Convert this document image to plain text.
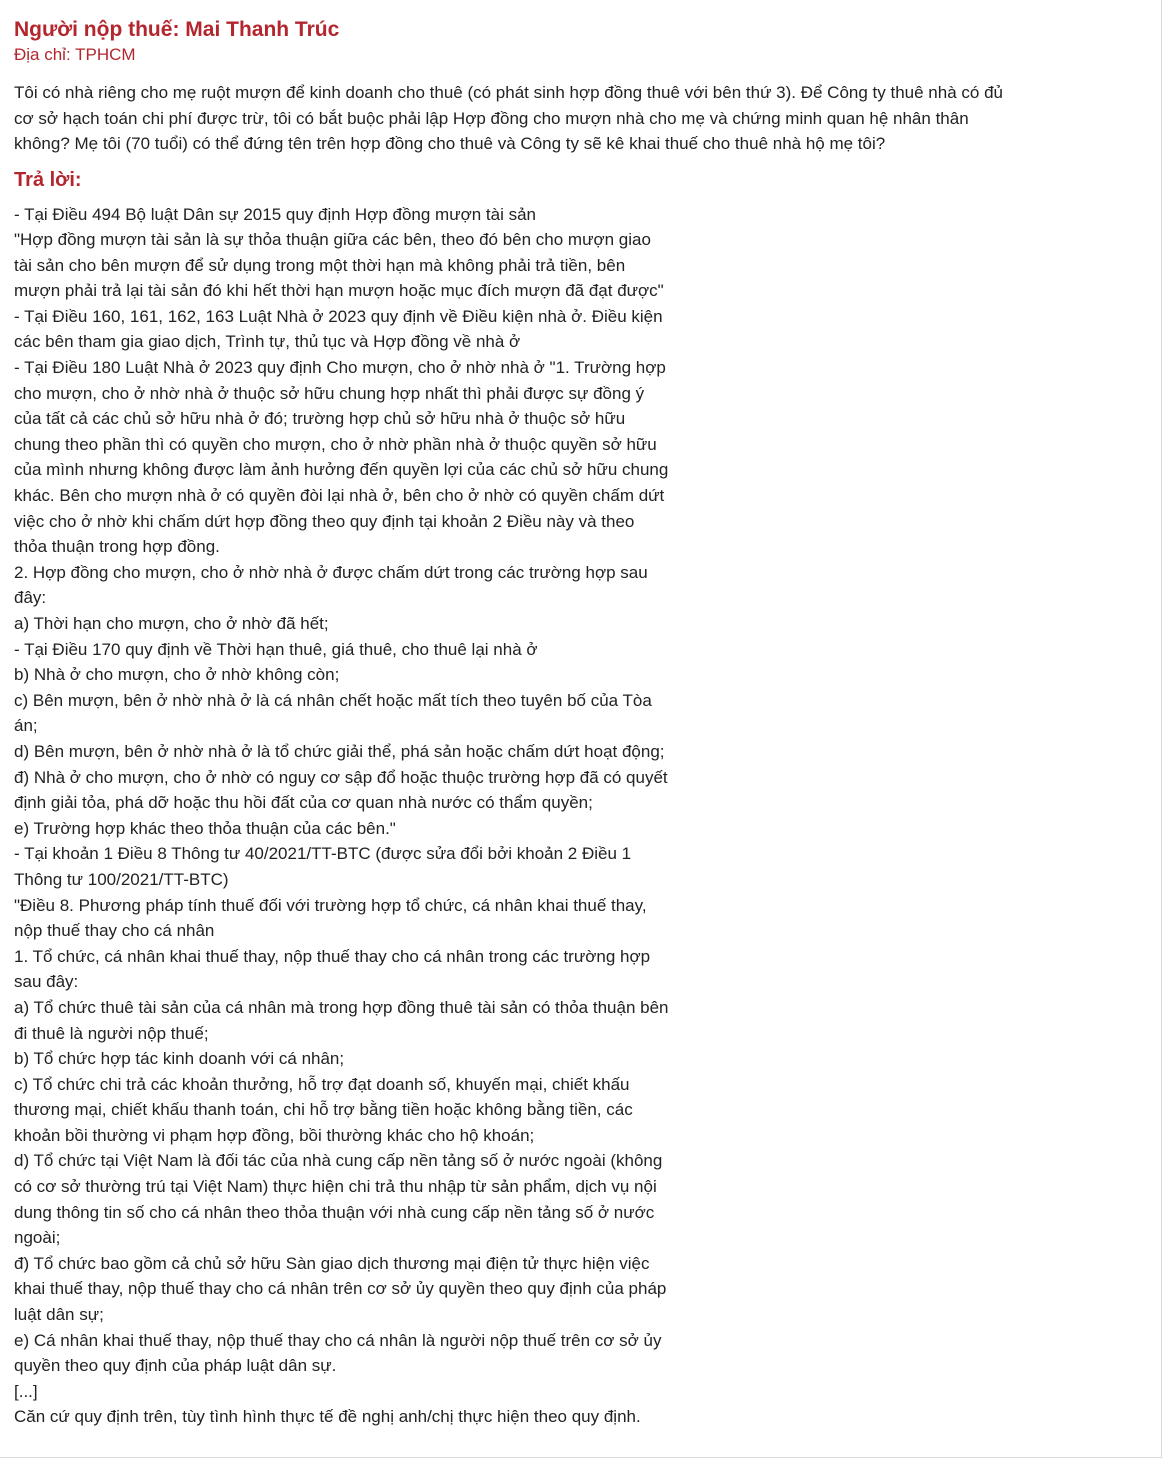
Người nộp thuế: Mai Thanh Trúc

Địa chỉ: TPHCM

Tôi có nhà riêng cho mẹ ruột mượn để kinh doanh cho thuê (có phát sinh hợp đồng thuê với bên thứ 3). Để Công ty thuê nhà có đủ
cơ sở hạch toán chi phí được trừ, tôi có bắt buộc phải lập Hợp đồng cho mượn nhà cho mẹ và chứng minh quan hệ nhân thân
không? Mẹ tôi (70 tuổi) có thể đứng tên trên hợp đồng cho thuê và Công ty sẽ kê khai thuế cho thuê nhà hộ mẹ tôi?
Trả lời:
- Tại Điều 494 Bộ luật Dân sự 2015 quy định Hợp đồng mượn tài sản
"Hợp đồng mượn tài sản là sự thỏa thuận giữa các bên, theo đó bên cho mượn giao
tài sản cho bên mượn để sử dụng trong một thời hạn mà không phải trả tiền, bên
mượn phải trả lại tài sản đó khi hết thời hạn mượn hoặc mục đích mượn đã đạt được"
- Tại Điều 160, 161, 162, 163 Luật Nhà ở 2023 quy định về Điều kiện nhà ở. Điều kiện
các bên tham gia giao dịch, Trình tự, thủ tục và Hợp đồng về nhà ở
- Tại Điều 180 Luật Nhà ở 2023 quy định Cho mượn, cho ở nhờ nhà ở "1. Trường hợp
cho mượn, cho ở nhờ nhà ở thuộc sở hữu chung hợp nhất thì phải được sự đồng ý
của tất cả các chủ sở hữu nhà ở đó; trường hợp chủ sở hữu nhà ở thuộc sở hữu
chung theo phần thì có quyền cho mượn, cho ở nhờ phần nhà ở thuộc quyền sở hữu
của mình nhưng không được làm ảnh hưởng đến quyền lợi của các chủ sở hữu chung
khác. Bên cho mượn nhà ở có quyền đòi lại nhà ở, bên cho ở nhờ có quyền chấm dứt
việc cho ở nhờ khi chấm dứt hợp đồng theo quy định tại khoản 2 Điều này và theo
thỏa thuận trong hợp đồng.
2. Hợp đồng cho mượn, cho ở nhờ nhà ở được chấm dứt trong các trường hợp sau
đây:
a) Thời hạn cho mượn, cho ở nhờ đã hết;
- Tại Điều 170 quy định về Thời hạn thuê, giá thuê, cho thuê lại nhà ở
b) Nhà ở cho mượn, cho ở nhờ không còn;
c) Bên mượn, bên ở nhờ nhà ở là cá nhân chết hoặc mất tích theo tuyên bố của Tòa
án;
d) Bên mượn, bên ở nhờ nhà ở là tổ chức giải thể, phá sản hoặc chấm dứt hoạt động;
đ) Nhà ở cho mượn, cho ở nhờ có nguy cơ sập đổ hoặc thuộc trường hợp đã có quyết
định giải tỏa, phá dỡ hoặc thu hồi đất của cơ quan nhà nước có thẩm quyền;
e) Trường hợp khác theo thỏa thuận của các bên."
- Tại khoản 1 Điều 8 Thông tư 40/2021/TT-BTC (được sửa đổi bởi khoản 2 Điều 1
Thông tư 100/2021/TT-BTC)
"Điều 8. Phương pháp tính thuế đối với trường hợp tổ chức, cá nhân khai thuế thay,
nộp thuế thay cho cá nhân
1. Tổ chức, cá nhân khai thuế thay, nộp thuế thay cho cá nhân trong các trường hợp
sau đây:
a) Tổ chức thuê tài sản của cá nhân mà trong hợp đồng thuê tài sản có thỏa thuận bên
đi thuê là người nộp thuế;
b) Tổ chức hợp tác kinh doanh với cá nhân;
c) Tổ chức chi trả các khoản thưởng, hỗ trợ đạt doanh số, khuyến mại, chiết khấu
thương mại, chiết khấu thanh toán, chi hỗ trợ bằng tiền hoặc không bằng tiền, các
khoản bồi thường vi phạm hợp đồng, bồi thường khác cho hộ khoán;
d) Tổ chức tại Việt Nam là đối tác của nhà cung cấp nền tảng số ở nước ngoài (không
có cơ sở thường trú tại Việt Nam) thực hiện chi trả thu nhập từ sản phẩm, dịch vụ nội
dung thông tin số cho cá nhân theo thỏa thuận với nhà cung cấp nền tảng số ở nước
ngoài;
đ) Tổ chức bao gồm cả chủ sở hữu Sàn giao dịch thương mại điện tử thực hiện việc
khai thuế thay, nộp thuế thay cho cá nhân trên cơ sở ủy quyền theo quy định của pháp
luật dân sự;
e) Cá nhân khai thuế thay, nộp thuế thay cho cá nhân là người nộp thuế trên cơ sở ủy
quyền theo quy định của pháp luật dân sự.
[...]
Căn cứ quy định trên, tùy tình hình thực tế đề nghị anh/chị thực hiện theo quy định.
